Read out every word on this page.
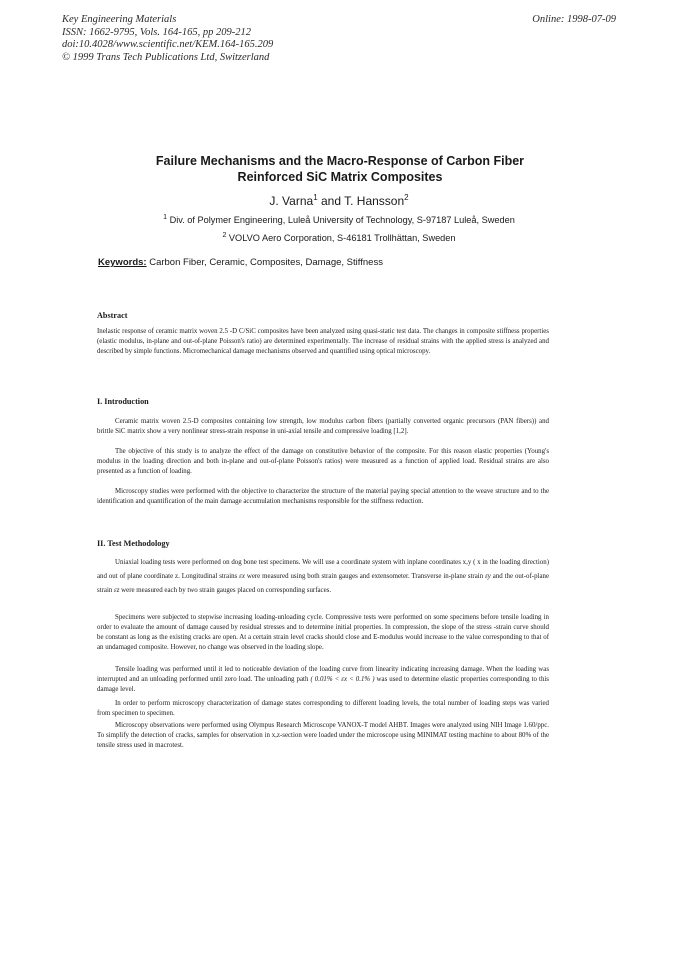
Key Engineering Materials
ISSN: 1662-9795, Vols. 164-165, pp 209-212
doi:10.4028/www.scientific.net/KEM.164-165.209
© 1999 Trans Tech Publications Ltd, Switzerland
Online: 1998-07-09
Failure Mechanisms and the Macro-Response of Carbon Fiber
Reinforced SiC Matrix Composites
J. Varna$^1$ and T. Hansson$^2$
$^1$ Div. of Polymer Engineering, Luleå University of Technology, S-97187 Luleå, Sweden
$^2$ VOLVO Aero Corporation, S-46181 Trollhättan, Sweden
Keywords: Carbon Fiber, Ceramic, Composites, Damage, Stiffness
Abstract

Inelastic response of ceramic matrix woven 2.5 -D C/SiC composites have been analyzed using quasi-static test data. The changes in composite stiffness properties (elastic modulus, in-plane and out-of-plane Poisson's ratio) are determined experimentally. The increase of residual strains with the applied stress is analyzed and described by simple functions. Micromechanical damage mechanisms observed and quantified using optical microscopy.

I. Introduction

Ceramic matrix woven 2.5-D composites containing low strength, low modulus carbon fibers (partially converted organic precursors (PAN fibers)) and brittle SiC matrix show a very nonlinear stress-strain response in uni-axial tensile and compressive loading [1,2].

The objective of this study is to analyze the effect of the damage on constitutive behavior of the composite. For this reason elastic properties (Young's modulus in the loading direction and both in-plane and out-of-plane Poisson's ratios) were measured as a function of applied load. Residual strains are also presented as a function of loading.

Microscopy studies were performed with the objective to characterize the structure of the material paying special attention to the weave structure and to the identification and quantification of the main damage accumulation mechanisms responsible for the stiffness reduction.

II. Test Methodology

Uniaxial loading tests were performed on dog bone test specimens. We will use a coordinate system with inplane coordinates x,y ( x in the loading direction) and out of plane coordinate z. Longitudinal strains εx were measured using both strain gauges and extensometer. Transverse in-plane strain εy and the out-of-plane strain εz were measured each by two strain gauges placed on corresponding surfaces.

Specimens were subjected to stepwise increasing loading-unloading cycle. Compressive tests were performed on some specimens before tensile loading in order to evaluate the amount of damage caused by residual stresses and to determine initial properties. In compression, the slope of the stress -strain curve should be constant as long as the existing cracks are open. At a certain strain level cracks should close and E-modulus would increase to the value corresponding to that of an undamaged composite. However, no change was observed in the loading slope.

Tensile loading was performed until it led to noticeable deviation of the loading curve from linearity indicating increasing damage. When the loading was interrupted and an unloading performed until zero load. The unloading path ( 0.01% < εx < 0.1% ) was used to determine elastic properties corresponding to this damage level.

In order to perform microscopy characterization of damage states corresponding to different loading levels, the total number of loading steps was varied from specimen to specimen.

Microscopy observations were performed using Olympus Research Microscope VANOX-T model AHBT. Images were analyzed using NIH Image 1.60/ppc. To simplify the detection of cracks, samples for observation in x,z-section were loaded under the microscope using MINIMAT testing machine to about 80% of the tensile stress used in macrotest.
